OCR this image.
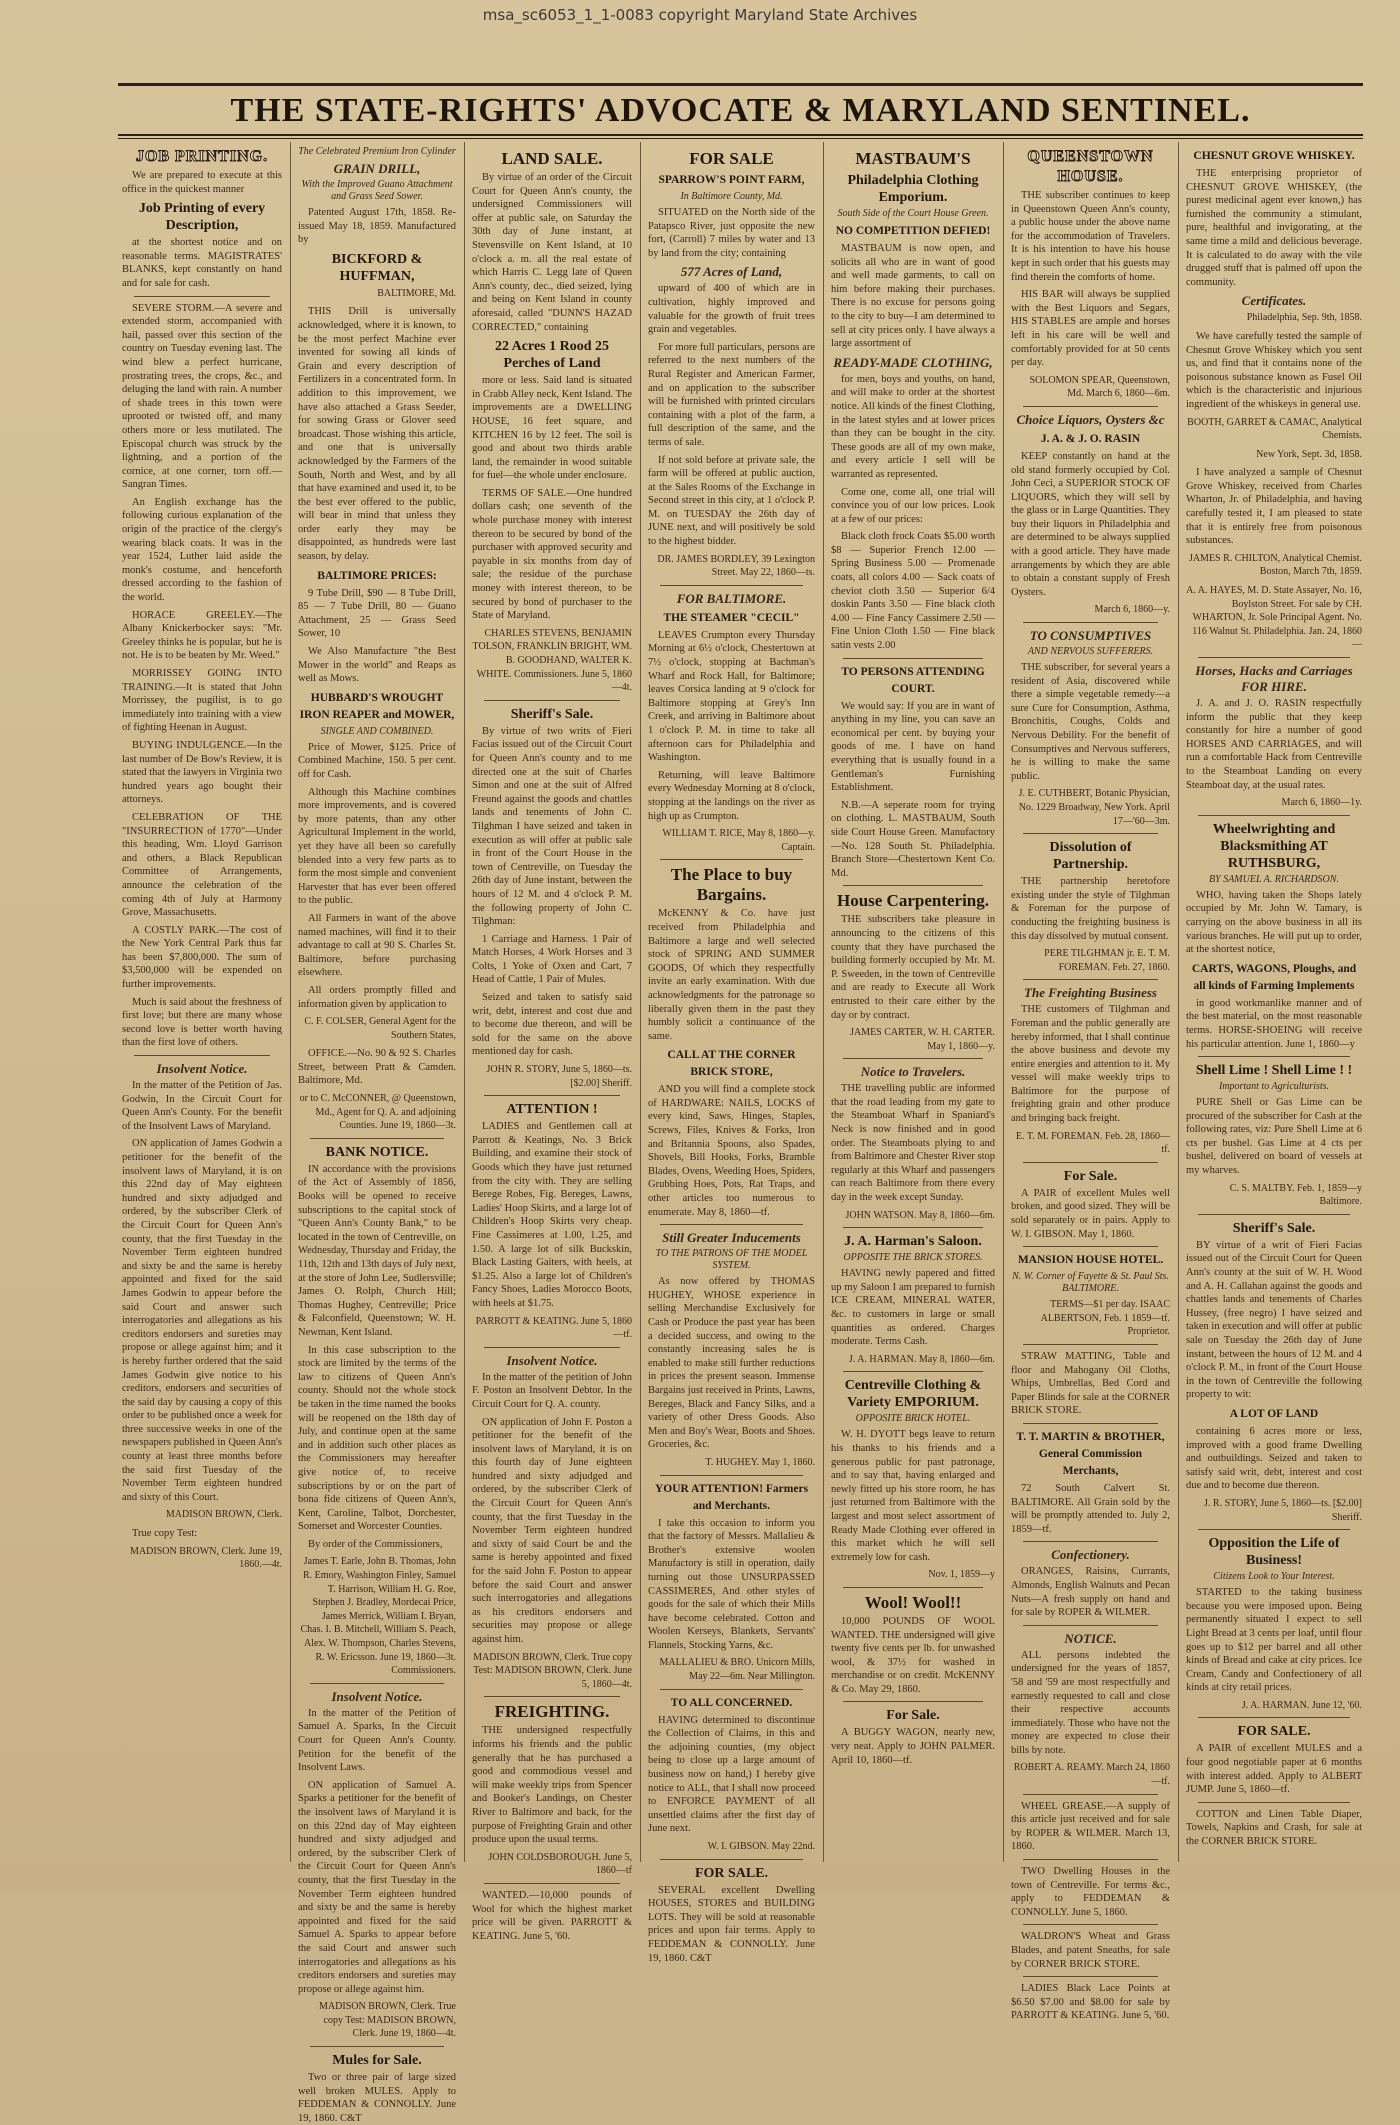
msa_sc6053_1_1-0083 copyright Maryland State Archives
THE STATE-RIGHTS' ADVOCATE & MARYLAND SENTINEL.
JOB PRINTING.

We are prepared to execute at this office in the quickest manner

Job Printing of every Description,

at the shortest notice and on reasonable terms. MAGISTRATES' BLANKS, kept constantly on hand and for sale for cash.

SEVERE STORM.—A severe and extended storm, accompanied with hail, passed over this section of the country on Tuesday evening last. The wind blew a perfect hurricane, prostrating trees, the crops, &c., and deluging the land with rain. A number of shade trees in this town were uprooted or twisted off, and many others more or less mutilated. The Episcopal church was struck by the lightning, and a portion of the cornice, at one corner, torn off.—Sangran Times.

An English exchange has the following curious explanation of the origin of the practice of the clergy's wearing black coats. It was in the year 1524, Luther laid aside the monk's costume, and henceforth dressed according to the fashion of the world.

HORACE GREELEY.—The Albany Knickerbocker says: "Mr. Greeley thinks he is popular, but he is not. He is to be beaten by Mr. Weed."

MORRISSEY GOING INTO TRAINING.—It is stated that John Morrissey, the pugilist, is to go immediately into training with a view of fighting Heenan in August.

BUYING INDULGENCE.—In the last number of De Bow's Review, it is stated that the lawyers in Virginia two hundred years ago bought their attorneys.

CELEBRATION OF THE "INSURRECTION of 1770"—Under this heading, Wm. Lloyd Garrison and others, a Black Republican Committee of Arrangements, announce the celebration of the coming 4th of July at Harmony Grove, Massachusetts.

A COSTLY PARK.—The cost of the New York Central Park thus far has been $7,800,000. The sum of $3,500,000 will be expended on further improvements.

Much is said about the freshness of first love; but there are many whose second love is better worth having than the first love of others.

Insolvent Notice.

In the matter of the Petition of Jas. Godwin, In the Circuit Court for Queen Ann's County. For the benefit of the Insolvent Laws of Maryland.

ON application of James Godwin a petitioner for the benefit of the insolvent laws of Maryland, it is on this 22nd day of May eighteen hundred and sixty adjudged and ordered, by the subscriber Clerk of the Circuit Court for Queen Ann's county, that the first Tuesday in the November Term eighteen hundred and sixty be and the same is hereby appointed and fixed for the said James Godwin to appear before the said Court and answer such interrogatories and allegations as his creditors endorsers and sureties may propose or allege against him; and it is hereby further ordered that the said James Godwin give notice to his creditors, endorsers and securities of the said day by causing a copy of this order to be published once a week for three successive weeks in one of the newspapers published in Queen Ann's county at least three months before the said first Tuesday of the November Term eighteen hundred and sixty of this Court.

MADISON BROWN, Clerk.

True copy Test:

MADISON BROWN, Clerk. June 19, 1860.—4t.
The Celebrated Premium Iron Cylinder
GRAIN DRILL,
With the Improved Guano Attachment and Grass Seed Sower.

Patented August 17th, 1858. Re-issued May 18, 1859. Manufactured by

BICKFORD & HUFFMAN,
BALTIMORE, Md.

THIS Drill is universally acknowledged, where it is known, to be the most perfect Machine ever invented for sowing all kinds of Grain and every description of Fertilizers in a concentrated form. In addition to this improvement, we have also attached a Grass Seeder, for sowing Grass or Glover seed broadcast. Those wishing this article, and one that is universally acknowledged by the Farmers of the South, North and West, and by all that have examined and used it, to be the best ever offered to the public, will bear in mind that unless they order early they may be disappointed, as hundreds were last season, by delay.

BALTIMORE PRICES:

9 Tube Drill, $90 — 8 Tube Drill, 85 — 7 Tube Drill, 80 — Guano Attachment, 25 — Grass Seed Sower, 10

We Also Manufacture "the Best Mower in the world" and Reaps as well as Mows.

HUBBARD'S WROUGHT IRON REAPER and MOWER,
SINGLE AND COMBINED.

Price of Mower, $125. Price of Combined Machine, 150. 5 per cent. off for Cash.

Although this Machine combines more improvements, and is covered by more patents, than any other Agricultural Implement in the world, yet they have all been so carefully blended into a very few parts as to form the most simple and convenient Harvester that has ever been offered to the public.

All Farmers in want of the above named machines, will find it to their advantage to call at 90 S. Charles St. Baltimore, before purchasing elsewhere.

All orders promptly filled and information given by application to

C. F. COLSER, General Agent for the Southern States,

OFFICE.—No. 90 & 92 S. Charles Street, between Pratt & Camden. Baltimore, Md.

or to C. McCONNER, @ Queenstown, Md., Agent for Q. A. and adjoining Counties. June 19, 1860—3t.
BANK NOTICE.

IN accordance with the provisions of the Act of Assembly of 1856, Books will be opened to receive subscriptions to the capital stock of "Queen Ann's County Bank," to be located in the town of Centreville, on Wednesday, Thursday and Friday, the 11th, 12th and 13th days of July next, at the store of John Lee, Sudlersville; James O. Rolph, Church Hill; Thomas Hughey, Centreville; Price & Falconfield, Queenstown; W. H. Newman, Kent Island.

In this case subscription to the stock are limited by the terms of the law to citizens of Queen Ann's county. Should not the whole stock be taken in the time named the books will be reopened on the 18th day of July, and continue open at the same and in addition such other places as the Commissioners may hereafter give notice of, to receive subscriptions by or on the part of bona fide citizens of Queen Ann's, Kent, Caroline, Talbot, Dorchester, Somerset and Worcester Counties.

By order of the Commissioners,

James T. Earle, John B. Thomas, John R. Emory, Washington Finley, Samuel T. Harrison, William H. G. Roe, Stephen J. Bradley, Mordecai Price, James Merrick, William I. Bryan, Chas. I. B. Mitchell, William S. Peach, Alex. W. Thompson, Charles Stevens, R. W. Ericsson. June 19, 1860—3t. Commissioners.
Insolvent Notice.

In the matter of the Petition of Samuel A. Sparks, In the Circuit Court for Queen Ann's County. Petition for the benefit of the Insolvent Laws.

ON application of Samuel A. Sparks a petitioner for the benefit of the insolvent laws of Maryland it is on this 22nd day of May eighteen hundred and sixty adjudged and ordered, by the subscriber Clerk of the Circuit Court for Queen Ann's county, that the first Tuesday in the November Term eighteen hundred and sixty be and the same is hereby appointed and fixed for the said Samuel A. Sparks to appear before the said Court and answer such interrogatories and allegations as his creditors endorsers and sureties may propose or allege against him.

MADISON BROWN, Clerk. True copy Test: MADISON BROWN, Clerk. June 19, 1860—4t.
Mules for Sale.

Two or three pair of large sized well broken MULES. Apply to FEDDEMAN & CONNOLLY. June 19, 1860. C&T

LAND SALE.

By virtue of an order of the Circuit Court for Queen Ann's county, the undersigned Commissioners will offer at public sale, on Saturday the 30th day of June instant, at Stevensville on Kent Island, at 10 o'clock a. m. all the real estate of which Harris C. Legg late of Queen Ann's county, dec., died seized, lying and being on Kent Island in county aforesaid, called "DUNN'S HAZAD CORRECTED," containing

22 Acres 1 Rood 25 Perches of Land

more or less. Said land is situated in Crabb Alley neck, Kent Island. The improvements are a DWELLING HOUSE, 16 feet square, and KITCHEN 16 by 12 feet. The soil is good and about two thirds arable land, the remainder in wood suitable for fuel—the whole under enclosure.

TERMS OF SALE.—One hundred dollars cash; one seventh of the whole purchase money with interest thereon to be secured by bond of the purchaser with approved security and payable in six months from day of sale; the residue of the purchase money with interest thereon, to be secured by bond of purchaser to the State of Maryland.

CHARLES STEVENS, BENJAMIN TOLSON, FRANKLIN BRIGHT, WM. B. GOODHAND, WALTER K. WHITE. Commissioners. June 5, 1860—4t.
Sheriff's Sale.

By virtue of two writs of Fieri Facias issued out of the Circuit Court for Queen Ann's county and to me directed one at the suit of Charles Simon and one at the suit of Alfred Freund against the goods and chattles lands and tenements of John C. Tilghman I have seized and taken in execution as will offer at public sale in front of the Court House in the town of Centreville, on Tuesday the 26th day of June instant, between the hours of 12 M. and 4 o'clock P. M. the following property of John C. Tilghman:

1 Carriage and Harness. 1 Pair of Match Horses, 4 Work Horses and 3 Colts, 1 Yoke of Oxen and Cart, 7 Head of Cattle, 1 Pair of Mules.

Seized and taken to satisfy said writ, debt, interest and cost due and to become due thereon, and will be sold for the same on the above mentioned day for cash.

JOHN R. STORY, June 5, 1860—ts. [$2.00] Sheriff.
ATTENTION !

LADIES and Gentlemen call at Parrott & Keatings, No. 3 Brick Building, and examine their stock of Goods which they have just returned from the city with. They are selling Berege Robes, Fig. Bereges, Lawns, Ladies' Hoop Skirts, and a large lot of Children's Hoop Skirts very cheap. Fine Cassimeres at 1.00, 1.25, and 1.50. A large lot of silk Buckskin, Black Lasting Gaiters, with heels, at $1.25. Also a large lot of Children's Fancy Shoes, Ladies Morocco Boots, with heels at $1.75.

PARROTT & KEATING. June 5, 1860—tf.
Insolvent Notice.

In the matter of the petition of John F. Poston an Insolvent Debtor. In the Circuit Court for Q. A. county.

ON application of John F. Poston a petitioner for the benefit of the insolvent laws of Maryland, it is on this fourth day of June eighteen hundred and sixty adjudged and ordered, by the subscriber Clerk of the Circuit Court for Queen Ann's county, that the first Tuesday in the November Term eighteen hundred and sixty of said Court be and the same is hereby appointed and fixed for the said John F. Poston to appear before the said Court and answer such interrogatories and allegations as his creditors endorsers and securities may propose or allege against him.

MADISON BROWN, Clerk. True copy Test: MADISON BROWN, Clerk. June 5, 1860—4t.
FREIGHTING.

THE undersigned respectfully informs his friends and the public generally that he has purchased a good and commodious vessel and will make weekly trips from Spencer and Booker's Landings, on Chester River to Baltimore and back, for the purpose of Freighting Grain and other produce upon the usual terms.

JOHN COLDSBOROUGH. June 5, 1860—tf

WANTED.—10,000 pounds of Wool for which the highest market price will be given. PARROTT & KEATING. June 5, '60.

FOR SALE
SPARROW'S POINT FARM,
In Baltimore County, Md.

SITUATED on the North side of the Patapsco River, just opposite the new fort, (Carroll) 7 miles by water and 13 by land from the city; containing

577 Acres of Land,

upward of 400 of which are in cultivation, highly improved and valuable for the growth of fruit trees grain and vegetables.

For more full particulars, persons are referred to the next numbers of the Rural Register and American Farmer, and on application to the subscriber will be furnished with printed circulars containing with a plot of the farm, a full description of the same, and the terms of sale.

If not sold before at private sale, the farm will be offered at public auction, at the Sales Rooms of the Exchange in Second street in this city, at 1 o'clock P. M. on TUESDAY the 26th day of JUNE next, and will positively be sold to the highest bidder.

DR. JAMES BORDLEY, 39 Lexington Street. May 22, 1860—ts.
FOR BALTIMORE.
THE STEAMER "CECIL"

LEAVES Crumpton every Thursday Morning at 6½ o'clock, Chestertown at 7½ o'clock, stopping at Bachman's Wharf and Rock Hall, for Baltimore; leaves Corsica landing at 9 o'clock for Baltimore stopping at Grey's Inn Creek, and arriving in Baltimore about 1 o'clock P. M. in time to take all afternoon cars for Philadelphia and Washington.

Returning, will leave Baltimore every Wednesday Morning at 8 o'clock, stopping at the landings on the river as high up as Crumpton.

WILLIAM T. RICE, May 8, 1860—y. Captain.
The Place to buy Bargains.

McKENNY & Co. have just received from Philadelphia and Baltimore a large and well selected stock of SPRING AND SUMMER GOODS, Of which they respectfully invite an early examination. With due acknowledgments for the patronage so liberally given them in the past they humbly solicit a continuance of the same.

CALL AT THE CORNER BRICK STORE,

AND you will find a complete stock of HARDWARE: NAILS, LOCKS of every kind, Saws, Hinges, Staples, Screws, Files, Knives & Forks, Iron and Britannia Spoons, also Spades, Shovels, Bill Hooks, Forks, Bramble Blades, Ovens, Weeding Hoes, Spiders, Grubbing Hoes, Pots, Rat Traps, and other articles too numerous to enumerate. May 8, 1860—tf.

Still Greater Inducements
TO THE PATRONS OF THE MODEL SYSTEM.

As now offered by THOMAS HUGHEY, WHOSE experience in selling Merchandise Exclusively for Cash or Produce the past year has been a decided success, and owing to the constantly increasing sales he is enabled to make still further reductions in prices the present season. Immense Bargains just received in Prints, Lawns, Bereges, Black and Fancy Silks, and a variety of other Dress Goods. Also Men and Boy's Wear, Boots and Shoes. Groceries, &c.

T. HUGHEY. May 1, 1860.
YOUR ATTENTION! Farmers and Merchants.

I take this occasion to inform you that the factory of Messrs. Mallalieu & Brother's extensive woolen Manufactory is still in operation, daily turning out those UNSURPASSED CASSIMERES, And other styles of goods for the sale of which their Mills have become celebrated. Cotton and Woolen Kerseys, Blankets, Servants' Flannels, Stocking Yarns, &c.

MALLALIEU & BRO. Unicorn Mills, May 22—6m. Near Millington.
TO ALL CONCERNED.

HAVING determined to discontinue the Collection of Claims, in this and the adjoining counties, (my object being to close up a large amount of business now on hand,) I hereby give notice to ALL, that I shall now proceed to ENFORCE PAYMENT of all unsettled claims after the first day of June next.

W. I. GIBSON. May 22nd.
FOR SALE.

SEVERAL excellent Dwelling HOUSES, STORES and BUILDING LOTS. They will be sold at reasonable prices and upon fair terms. Apply to FEDDEMAN & CONNOLLY. June 19, 1860. C&T

MASTBAUM'S
Philadelphia Clothing Emporium.
South Side of the Court House Green.
NO COMPETITION DEFIED!

MASTBAUM is now open, and solicits all who are in want of good and well made garments, to call on him before making their purchases. There is no excuse for persons going to the city to buy—I am determined to sell at city prices only. I have always a large assortment of

READY-MADE CLOTHING,

for men, boys and youths, on hand, and will make to order at the shortest notice. All kinds of the finest Clothing, in the latest styles and at lower prices than they can be bought in the city. These goods are all of my own make, and every article I sell will be warranted as represented.

Come one, come all, one trial will convince you of our low prices. Look at a few of our prices:

Black cloth frock Coats $5.00 worth $8 — Superior French 12.00 — Spring Business 5.00 — Promenade coats, all colors 4.00 — Sack coats of cheviot cloth 3.50 — Superior 6/4 doskin Pants 3.50 — Fine black cloth 4.00 — Fine Fancy Cassimere 2.50 — Fine Union Cloth 1.50 — Fine black satin vests 2.00

TO PERSONS ATTENDING COURT.

We would say: If you are in want of anything in my line, you can save an economical per cent. by buying your goods of me. I have on hand everything that is usually found in a Gentleman's Furnishing Establishment.

N.B.—A seperate room for trying on clothing. L. MASTBAUM, South side Court House Green. Manufactory—No. 128 South St. Philadelphia. Branch Store—Chestertown Kent Co. Md.

House Carpentering.

THE subscribers take pleasure in announcing to the citizens of this county that they have purchased the building formerly occupied by Mr. M. P. Sweeden, in the town of Centreville and are ready to Execute all Work entrusted to their care either by the day or by contract.

JAMES CARTER, W. H. CARTER. May 1, 1860—y.
Notice to Travelers.

THE travelling public are informed that the road leading from my gate to the Steamboat Wharf in Spaniard's Neck is now finished and in good order. The Steamboats plying to and from Baltimore and Chester River stop regularly at this Wharf and passengers can reach Baltimore from there every day in the week except Sunday.

JOHN WATSON. May 8, 1860—6m.
J. A. Harman's Saloon.
OPPOSITE THE BRICK STORES.

HAVING newly papered and fitted up my Saloon I am prepared to furnish ICE CREAM, MINERAL WATER, &c. to customers in large or small quantities as ordered. Charges moderate. Terms Cash.

J. A. HARMAN. May 8, 1860—6m.
Centreville Clothing & Variety EMPORIUM.
OPPOSITE BRICK HOTEL.

W. H. DYOTT begs leave to return his thanks to his friends and a generous public for past patronage, and to say that, having enlarged and newly fitted up his store room, he has just returned from Baltimore with the largest and most select assortment of Ready Made Clothing ever offered in this market which he will sell extremely low for cash.

Nov. 1, 1859—y
Wool! Wool!!

10,000 POUNDS OF WOOL WANTED. THE undersigned will give twenty five cents per lb. for unwashed wool, & 37½ for washed in merchandise or on credit. McKENNY & Co. May 29, 1860.

For Sale.

A BUGGY WAGON, nearly new, very neat. Apply to JOHN PALMER. April 10, 1860—tf.

QUEENSTOWN HOUSE.

THE subscriber continues to keep in Queenstown Queen Ann's county, a public house under the above name for the accommodation of Travelers. It is his intention to have his house kept in such order that his guests may find therein the comforts of home.

HIS BAR will always be supplied with the Best Liquors and Segars, HIS STABLES are ample and horses left in his care will be well and comfortably provided for at 50 cents per day.

SOLOMON SPEAR, Queenstown, Md. March 6, 1860—6m.
Choice Liquors, Oysters &c
J. A. & J. O. RASIN

KEEP constantly on hand at the old stand formerly occupied by Col. John Ceci, a SUPERIOR STOCK OF LIQUORS, which they will sell by the glass or in Large Quantities. They buy their liquors in Philadelphia and are determined to be always supplied with a good article. They have made arrangements by which they are able to obtain a constant supply of Fresh Oysters.

March 6, 1860—y.
TO CONSUMPTIVES
AND NERVOUS SUFFERERS.

THE subscriber, for several years a resident of Asia, discovered while there a simple vegetable remedy—a sure Cure for Consumption, Asthma, Bronchitis, Coughs, Colds and Nervous Debility. For the benefit of Consumptives and Nervous sufferers, he is willing to make the same public.

J. E. CUTHBERT, Botanic Physician, No. 1229 Broadway, New York. April 17—'60—3m.
Dissolution of Partnership.

THE partnership heretofore existing under the style of Tilghman & Foreman for the purpose of conducting the freighting business is this day dissolved by mutual consent.

PERE TILGHMAN jr. E. T. M. FOREMAN. Feb. 27, 1860.
The Freighting Business

THE customers of Tilghman and Foreman and the public generally are hereby informed, that I shall continue the above business and devote my entire energies and attention to it. My vessel will make weekly trips to Baltimore for the purpose of freighting grain and other produce and bringing back freight.

E. T. M. FOREMAN. Feb. 28, 1860—tf.
For Sale.

A PAIR of excellent Mules well broken, and good sized. They will be sold separately or in pairs. Apply to W. I. GIBSON. May 1, 1860.

MANSION HOUSE HOTEL.
N. W. Corner of Fayette & St. Paul Sts. BALTIMORE.
TERMS—$1 per day. ISAAC ALBERTSON, Feb. 1 1859—tf. Proprietor.

STRAW MATTING, Table and floor and Mahogany Oil Cloths, Whips, Umbrellas, Bed Cord and Paper Blinds for sale at the CORNER BRICK STORE.

T. T. MARTIN & BROTHER, General Commission Merchants,

72 South Calvert St. BALTIMORE. All Grain sold by the will be promptly attended to. July 2, 1859—tf.

Confectionery.

ORANGES, Raisins, Currants, Almonds, English Walnuts and Pecan Nuts—A fresh supply on hand and for sale by ROPER & WILMER.

NOTICE.

ALL persons indebted the undersigned for the years of 1857, '58 and '59 are most respectfully and earnestly requested to call and close their respective accounts immediately. Those who have not the money are expected to close their bills by note.

ROBERT A. REAMY. March 24, 1860—tf.

WHEEL GREASE.—A supply of this article just received and for sale by ROPER & WILMER. March 13, 1860.

TWO Dwelling Houses in the town of Centreville. For terms &c., apply to FEDDEMAN & CONNOLLY. June 5, 1860.

WALDRON'S Wheat and Grass Blades, and patent Sneaths, for sale by CORNER BRICK STORE.

LADIES Black Lace Points at $6.50 $7.00 and $8.00 for sale by PARROTT & KEATING. June 5, '60.

CHESNUT GROVE WHISKEY.

THE enterprising proprietor of CHESNUT GROVE WHISKEY, (the purest medicinal agent ever known,) has furnished the community a stimulant, pure, healthful and invigorating, at the same time a mild and delicious beverage. It is calculated to do away with the vile drugged stuff that is palmed off upon the community.

Certificates.
Philadelphia, Sep. 9th, 1858.

We have carefully tested the sample of Chesnut Grove Whiskey which you sent us, and find that it contains none of the poisonous substance known as Fusel Oil which is the characteristic and injurious ingredient of the whiskeys in general use.

BOOTH, GARRET & CAMAC, Analytical Chemists.
New York, Sept. 3d, 1858.

I have analyzed a sample of Chesnut Grove Whiskey, received from Charles Wharton, Jr. of Philadelphia, and having carefully tested it, I am pleased to state that it is entirely free from poisonous substances.

JAMES R. CHILTON, Analytical Chemist. Boston, March 7th, 1859.
A. A. HAYES, M. D. State Assayer, No. 16, Boylston Street. For sale by CH. WHARTON, Jr. Sole Principal Agent. No. 116 Walnut St. Philadelphia. Jan. 24, 1860—
Horses, Hacks and Carriages FOR HIRE.

J. A. and J. O. RASIN respectfully inform the public that they keep constantly for hire a number of good HORSES AND CARRIAGES, and will run a comfortable Hack from Centreville to the Steamboat Landing on every Steamboat day, at the usual rates.

March 6, 1860—1y.
Wheelwrighting and Blacksmithing AT RUTHSBURG,
BY SAMUEL A. RICHARDSON.

WHO, having taken the Shops lately occupied by Mr. John W. Tamary, is carrying on the above business in all its various branches. He will put up to order, at the shortest notice,

CARTS, WAGONS, Ploughs, and all kinds of Farming Implements

in good workmanlike manner and of the best material, on the most reasonable terms. HORSE-SHOEING will receive his particular attention. June 1, 1860—y

Shell Lime ! Shell Lime ! !
Important to Agriculturists.

PURE Shell or Gas Lime can be procured of the subscriber for Cash at the following rates, viz: Pure Shell Lime at 6 cts per bushel. Gas Lime at 4 cts per bushel, delivered on board of vessels at my wharves.

C. S. MALTBY. Feb. 1, 1859—y Baltimore.
Sheriff's Sale.

BY virtue of a writ of Fieri Facias issued out of the Circuit Court for Queen Ann's county at the suit of W. H. Wood and A. H. Callahan against the goods and chattles lands and tenements of Charles Hussey, (free negro) I have seized and taken in execution and will offer at public sale on Tuesday the 26th day of June instant, between the hours of 12 M. and 4 o'clock P. M., in front of the Court House in the town of Centreville the following property to wit:

A LOT OF LAND

containing 6 acres more or less, improved with a good frame Dwelling and outbuildings. Seized and taken to satisfy said writ, debt, interest and cost due and to become due thereon.

J. R. STORY, June 5, 1860—ts. [$2.00] Sheriff.
Opposition the Life of Business!
Citizens Look to Your Interest.

STARTED to the taking business because you were imposed upon. Being permanently situated I expect to sell Light Bread at 3 cents per loaf, until flour goes up to $12 per barrel and all other kinds of Bread and cake at city prices. Ice Cream, Candy and Confectionery of all kinds at city retail prices.

J. A. HARMAN. June 12, '60.
FOR SALE.

A PAIR of excellent MULES and a four good negotiable paper at 6 months with interest added. Apply to ALBERT JUMP. June 5, 1860—tf.

COTTON and Linen Table Diaper, Towels, Napkins and Crash, for sale at the CORNER BRICK STORE.
